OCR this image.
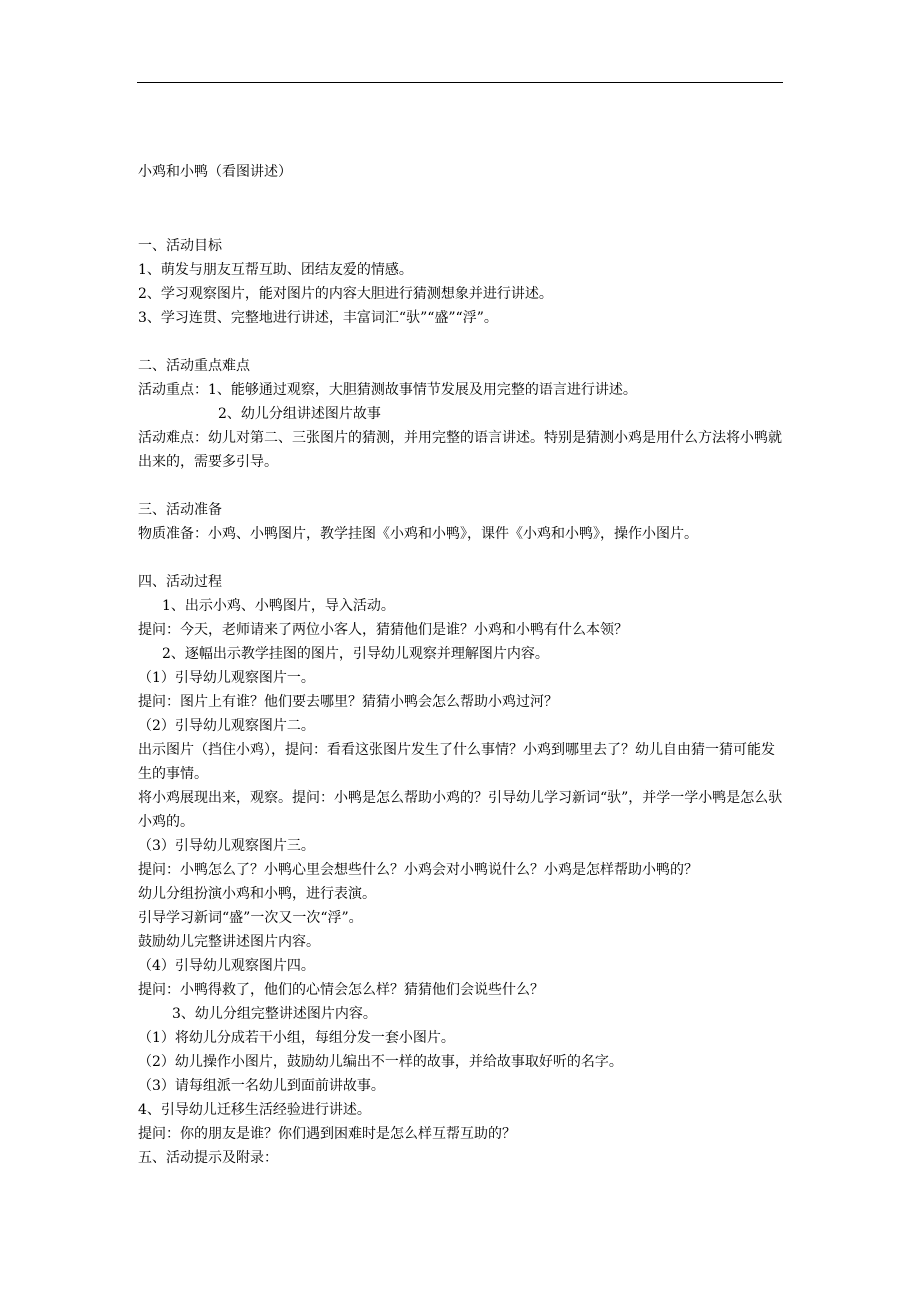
小鸡和小鸭（看图讲述）
一、活动目标
1、萌发与朋友互帮互助、团结友爱的情感。
2、学习观察图片，能对图片的内容大胆进行猜测想象并进行讲述。
3、学习连贯、完整地进行讲述，丰富词汇“驮”“盛”“浮”。
二、活动重点难点
活动重点：1、能够通过观察，大胆猜测故事情节发展及用完整的语言进行讲述。
2、幼儿分组讲述图片故事
活动难点：幼儿对第二、三张图片的猜测，并用完整的语言讲述。特别是猜测小鸡是用什么方法将小鸭就出来的，需要多引导。
三、活动准备
物质准备：小鸡、小鸭图片，教学挂图《小鸡和小鸭》，课件《小鸡和小鸭》，操作小图片。
四、活动过程
1、出示小鸡、小鸭图片，导入活动。
提问：今天，老师请来了两位小客人，猜猜他们是谁？小鸡和小鸭有什么本领？
2、逐幅出示教学挂图的图片，引导幼儿观察并理解图片内容。
（1）引导幼儿观察图片一。
提问：图片上有谁？他们要去哪里？猜猜小鸭会怎么帮助小鸡过河？
（2）引导幼儿观察图片二。
出示图片（挡住小鸡），提问：看看这张图片发生了什么事情？小鸡到哪里去了？幼儿自由猜一猜可能发生的事情。
将小鸡展现出来，观察。提问：小鸭是怎么帮助小鸡的？引导幼儿学习新词“驮”，并学一学小鸭是怎么驮小鸡的。
（3）引导幼儿观察图片三。
提问：小鸭怎么了？小鸭心里会想些什么？小鸡会对小鸭说什么？小鸡是怎样帮助小鸭的？
幼儿分组扮演小鸡和小鸭，进行表演。
引导学习新词“盛”一次又一次“浮”。
鼓励幼儿完整讲述图片内容。
（4）引导幼儿观察图片四。
提问：小鸭得救了，他们的心情会怎么样？猜猜他们会说些什么？
3、幼儿分组完整讲述图片内容。
（1）将幼儿分成若干小组，每组分发一套小图片。
（2）幼儿操作小图片，鼓励幼儿编出不一样的故事，并给故事取好听的名字。
（3）请每组派一名幼儿到面前讲故事。
4、引导幼儿迁移生活经验进行讲述。
提问：你的朋友是谁？你们遇到困难时是怎么样互帮互助的？
五、活动提示及附录：
